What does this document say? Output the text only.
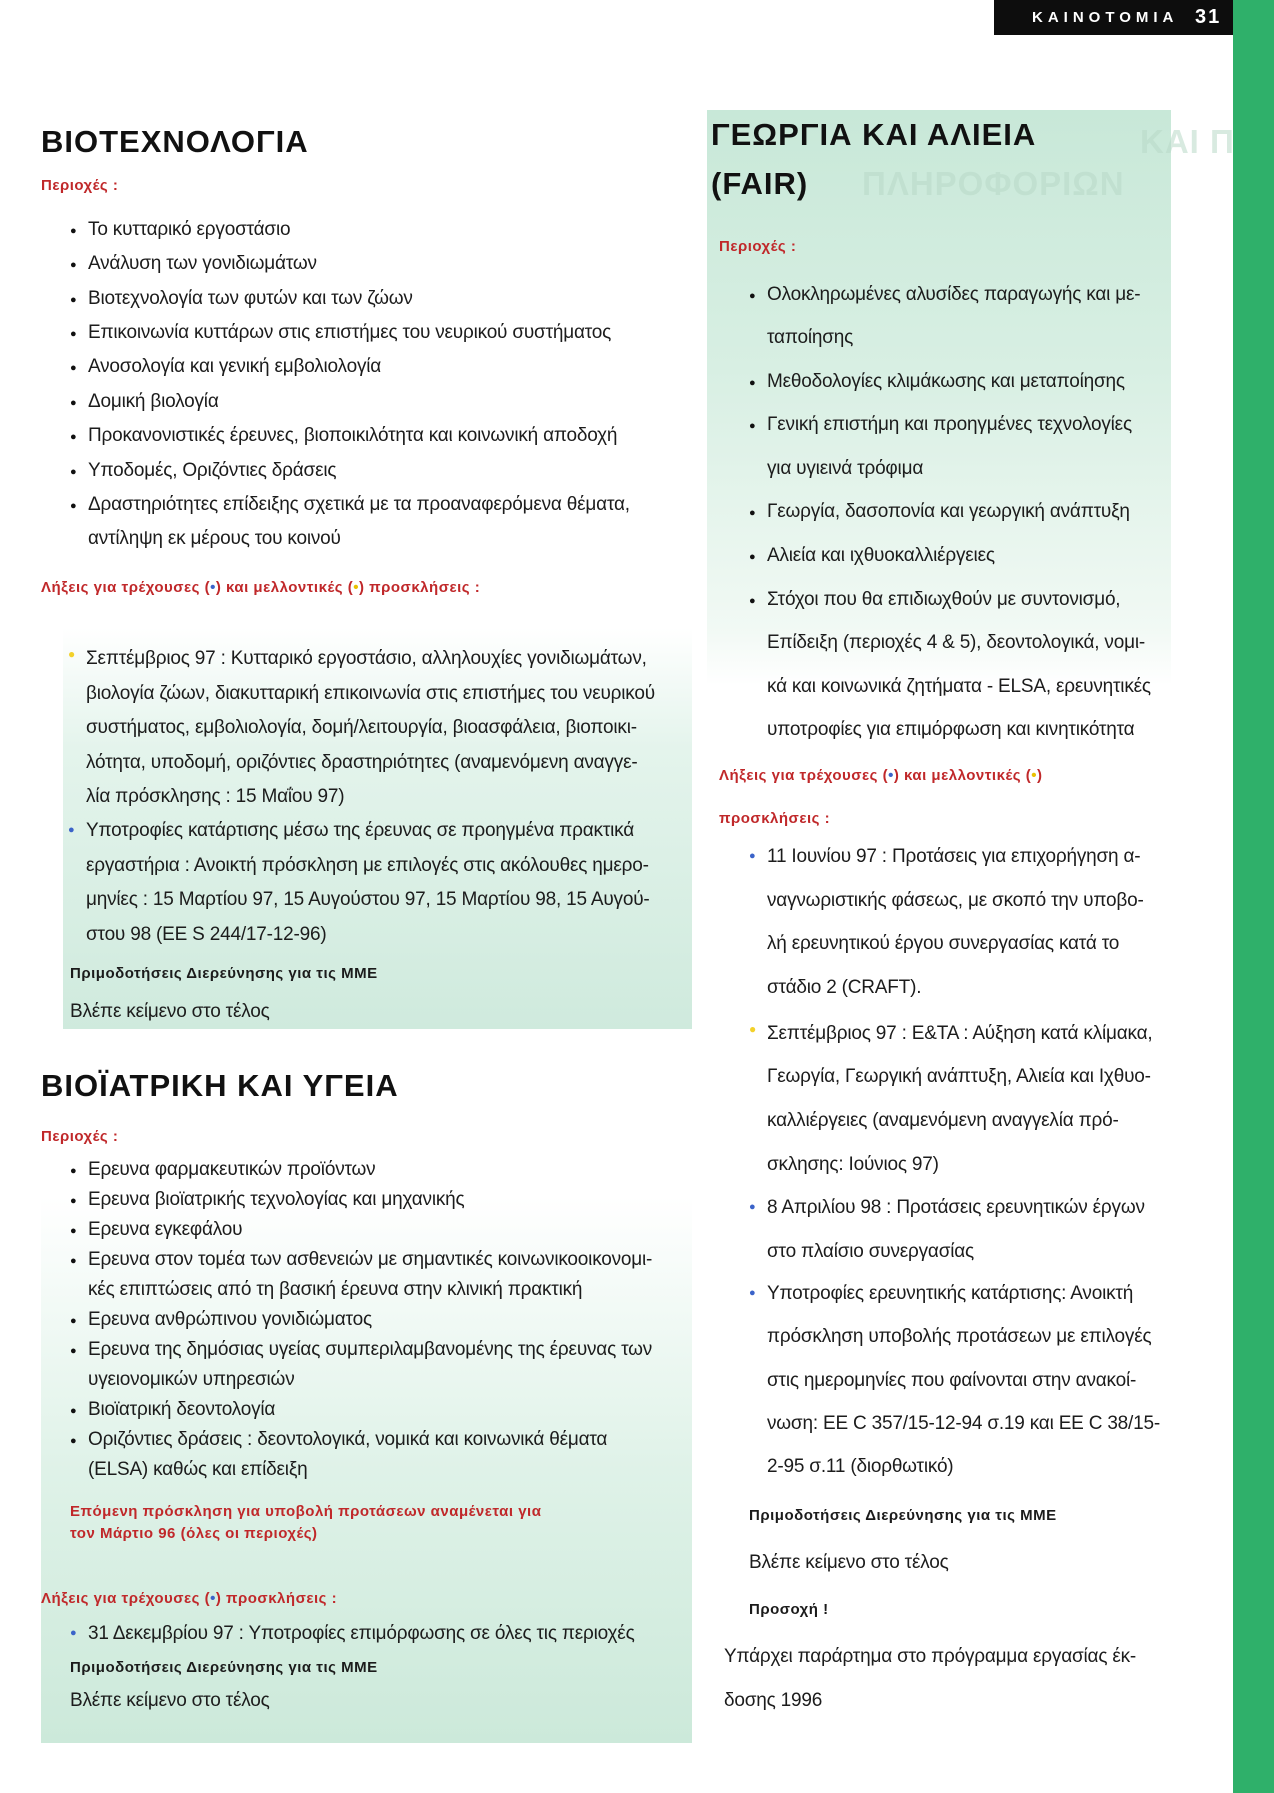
ΚΑΙΝΟΤΟΜΙΑ 31
ΚΑΙ Π
ΠΛΗΡΟΦΟΡΙΩΝ
ΒΙΟΤΕΧΝΟΛΟΓΙΑ
Περιοχές :
● Το κυτταρικό εργοστάσιο
● Ανάλυση των γονιδιωμάτων
● Βιοτεχνολογία των φυτών και των ζώων
● Επικοινωνία κυττάρων στις επιστήμες του νευρικού συστήματος
● Ανοσολογία και γενική εμβολιολογία
● Δομική βιολογία
● Προκανονιστικές έρευνες, βιοποικιλότητα και κοινωνική αποδοχή
● Υποδομές, Οριζόντιες δράσεις
● Δραστηριότητες επίδειξης σχετικά με τα προαναφερόμενα θέματα,
αντίληψη εκ μέρους του κοινού
Λήξεις για τρέχουσες (•) και μελλοντικές (•) προσκλήσεις :
● Σεπτέμβριος 97 : Κυτταρικό εργοστάσιο, αλληλουχίες γονιδιωμάτων,
βιολογία ζώων, διακυτταρική επικοινωνία στις επιστήμες του νευρικού
συστήματος, εμβολιολογία, δομή/λειτουργία, βιοασφάλεια, βιοποικι-
λότητα, υποδομή, οριζόντιες δραστηριότητες (αναμενόμενη αναγγε-
λία πρόσκλησης : 15 Μαΐου 97)
● Υποτροφίες κατάρτισης μέσω της έρευνας σε προηγμένα πρακτικά
εργαστήρια : Ανοικτή πρόσκληση με επιλογές στις ακόλουθες ημερο-
μηνίες : 15 Μαρτίου 97, 15 Αυγούστου 97, 15 Μαρτίου 98, 15 Αυγού-
στου 98 (EE S 244/17-12-96)
Πριμοδοτήσεις Διερεύνησης για τις ΜΜΕ
Βλέπε κείμενο στο τέλος
ΒΙΟΪΑΤΡΙΚΗ ΚΑΙ ΥΓΕΙΑ
Περιοχές :
● Ερευνα φαρμακευτικών προϊόντων
● Ερευνα βιοϊατρικής τεχνολογίας και μηχανικής
● Ερευνα εγκεφάλου
● Ερευνα στον τομέα των ασθενειών με σημαντικές κοινωνικοοικονομι-
κές επιπτώσεις από τη βασική έρευνα στην κλινική πρακτική
● Ερευνα ανθρώπινου γονιδιώματος
● Ερευνα της δημόσιας υγείας συμπεριλαμβανομένης της έρευνας των
υγειονομικών υπηρεσιών
● Βιοϊατρική δεοντολογία
● Οριζόντιες δράσεις : δεοντολογικά, νομικά και κοινωνικά θέματα
(ELSA) καθώς και επίδειξη
Επόμενη πρόσκληση για υποβολή προτάσεων αναμένεται για
τον Μάρτιο 96 (όλες οι περιοχές)
Λήξεις για τρέχουσες (•) προσκλήσεις :
● 31 Δεκεμβρίου 97 : Υποτροφίες επιμόρφωσης σε όλες τις περιοχές
Πριμοδοτήσεις Διερεύνησης για τις ΜΜΕ
Βλέπε κείμενο στο τέλος
ΓΕΩΡΓΙΑ ΚΑΙ ΑΛΙΕΙΑ
(FAIR)
Περιοχές :
● Ολοκληρωμένες αλυσίδες παραγωγής και με-
ταποίησης
● Μεθοδολογίες κλιμάκωσης και μεταποίησης
● Γενική επιστήμη και προηγμένες τεχνολογίες
για υγιεινά τρόφιμα
● Γεωργία, δασοπονία και γεωργική ανάπτυξη
● Αλιεία και ιχθυοκαλλιέργειες
● Στόχοι που θα επιδιωχθούν με συντονισμό,
Επίδειξη (περιοχές 4 & 5), δεοντολογικά, νομι-
κά και κοινωνικά ζητήματα - ELSA, ερευνητικές
υποτροφίες για επιμόρφωση και κινητικότητα
Λήξεις για τρέχουσες (•) και μελλοντικές (•)
προσκλήσεις :
● 11 Ιουνίου 97 : Προτάσεις για επιχορήγηση α-
ναγνωριστικής φάσεως, με σκοπό την υποβο-
λή ερευνητικού έργου συνεργασίας κατά το
στάδιο 2 (CRAFT).
● Σεπτέμβριος 97 : Ε&ΤΑ : Αύξηση κατά κλίμακα,
Γεωργία, Γεωργική ανάπτυξη, Αλιεία και Ιχθυο-
καλλιέργειες (αναμενόμενη αναγγελία πρό-
σκλησης: Ιούνιος 97)
● 8 Απριλίου 98 : Προτάσεις ερευνητικών έργων
στο πλαίσιο συνεργασίας
● Υποτροφίες ερευνητικής κατάρτισης: Ανοικτή
πρόσκληση υποβολής προτάσεων με επιλογές
στις ημερομηνίες που φαίνονται στην ανακοί-
νωση: EE C 357/15-12-94 σ.19 και ΕΕ C 38/15-
2-95 σ.11 (διορθωτικό)
Πριμοδοτήσεις Διερεύνησης για τις ΜΜΕ
Βλέπε κείμενο στο τέλος
Προσοχή !
Υπάρχει παράρτημα στο πρόγραμμα εργασίας έκ-
δοσης 1996
